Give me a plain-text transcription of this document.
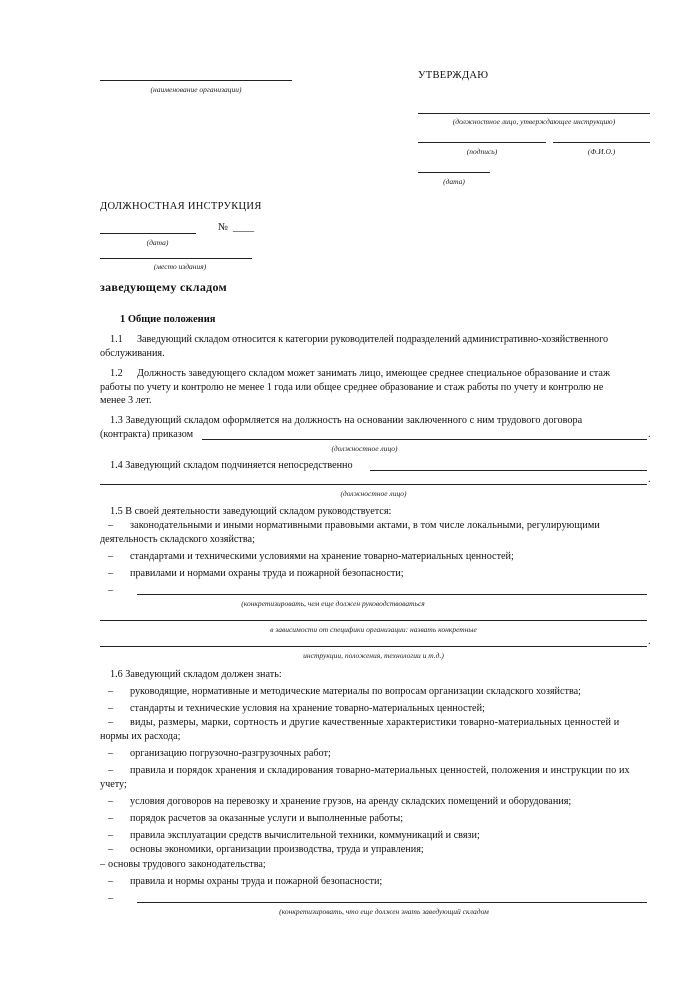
(наименование организации)
УТВЕРЖДАЮ
(должностное лицо, утверждающее инструкцию)
(подпись)	(Ф.И.О.)
(дата)
ДОЛЖНОСТНАЯ ИНСТРУКЦИЯ
№ ____
(дата)
(место издания)
заведующему складом
1 Общие положения
1.1 Заведующий складом относится к категории руководителей подразделений административно-хозяйственного
обслуживания.
1.2 Должность заведующего складом может занимать лицо, имеющее среднее специальное образование и стаж
работы по учету и контролю не менее 1 года или общее среднее образование и стаж работы по учету и контролю не
менее 3 лет.
1.3 Заведующий складом оформляется на должность на основании заключенного с ним трудового договора
(контракта) приказом	.
(должностное лицо)
1.4 Заведующий складом подчиняется непосредственно
.
(должностное лицо)
1.5 В своей деятельности заведующий складом руководствуется:
– законодательными и иными нормативными правовыми актами, в том числе локальными, регулирующими
деятельность складского хозяйства;
– стандартами и техническими условиями на хранение товарно-материальных ценностей;
– правилами и нормами охраны труда и пожарной безопасности;
–
(конкретизировать, чем еще должен руководствоваться
в зависимости от специфики организации: назвать конкретные
.
инструкции, положения, технологии и т.д.)
1.6 Заведующий складом должен знать:
– руководящие, нормативные и методические материалы по вопросам организации складского хозяйства;
– стандарты и технические условия на хранение товарно-материальных ценностей;
– виды, размеры, марки, сортность и другие качественные характеристики товарно-материальных ценностей и
нормы их расхода;
– организацию погрузочно-разгрузочных работ;
– правила и порядок хранения и складирования товарно-материальных ценностей, положения и инструкции по их
учету;
– условия договоров на перевозку и хранение грузов, на аренду складских помещений и оборудования;
– порядок расчетов за оказанные услуги и выполненные работы;
– правила эксплуатации средств вычислительной техники, коммуникаций и связи;
– основы экономики, организации производства, труда и управления;
– основы трудового законодательства;
– правила и нормы охраны труда и пожарной безопасности;
–
(конкретизировать, что еще должен знать заведующий складом
